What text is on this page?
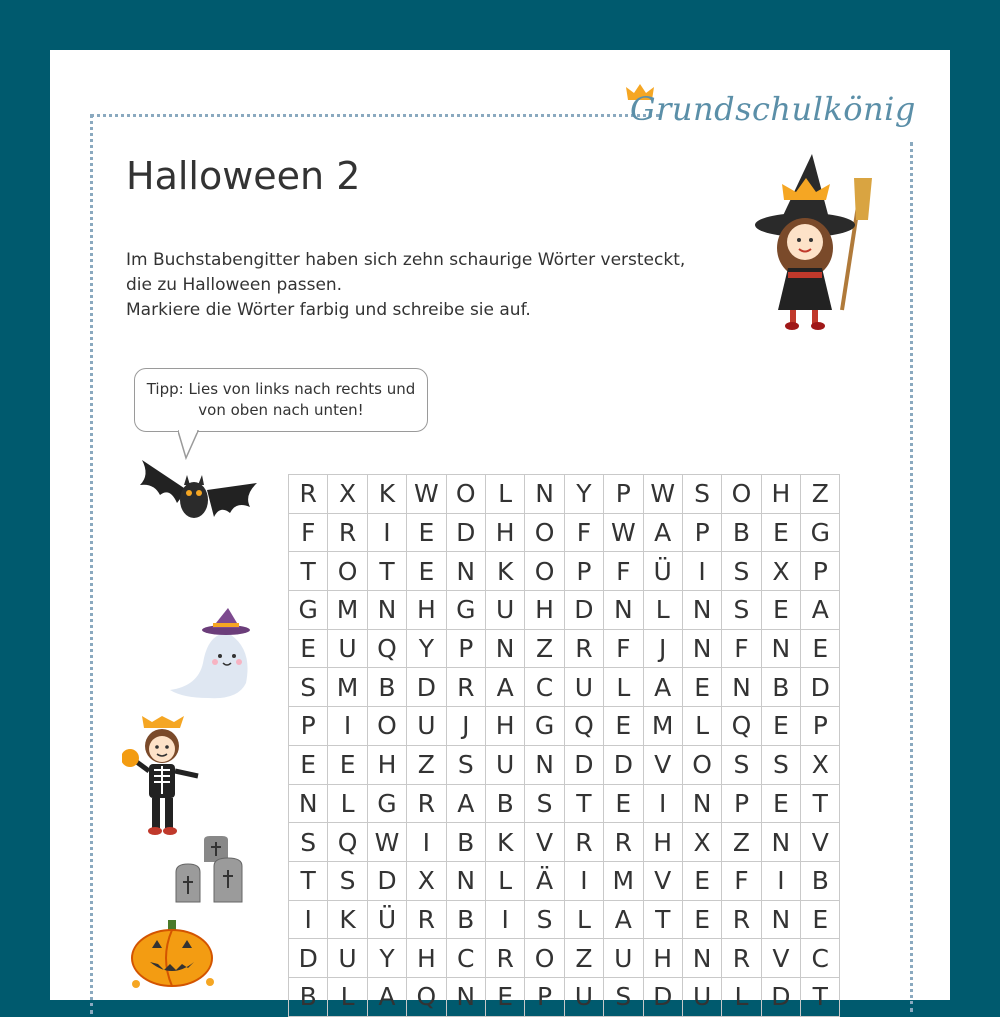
Grundschulkönig
Halloween 2
Im Buchstabengitter haben sich zehn schaurige Wörter versteckt,
die zu Halloween passen.
Markiere die Wörter farbig und schreibe sie auf.
Tipp: Lies von links nach rechts und
von oben nach unten!
R X K W O L N Y P W S O H Z
F R	I	E D H O F W A P B E G
T O T E N K O P F Ü	I	S X P
G M N H G U H D N L N S E A
E U Q Y P N Z R F	J	N F N E
S M B D R A C U L A E N B D
P	I	O U	J	H G Q E M L Q E P
E E H Z S U N D D V O S S X
N L G R A B S T E	I	N P E T
S Q W I	B K V R R H X Z N V
T S D X N L Ä	I M V E F	I	B
I	K Ü R B	I	S L A T E R N E
D U Y H C R O Z U H N R V C
B L A Q N E P U S D U L D T
